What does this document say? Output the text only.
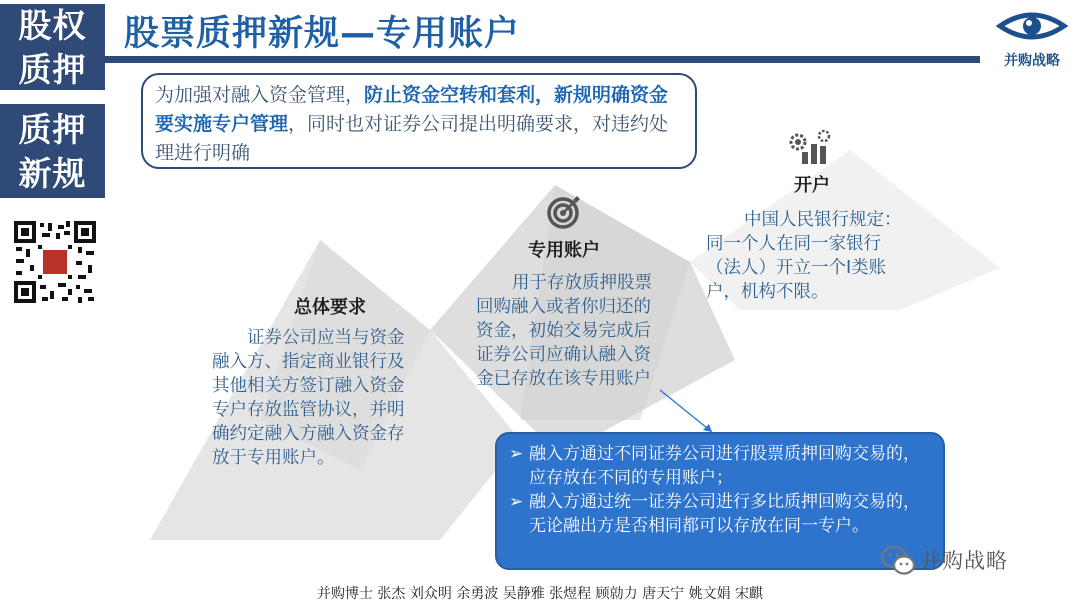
股权
质押
质押
新规
股票质押新规—专用账户
并购战略
为加强对融入资金管理，防止资金空转和套利，新规明确资金要实施专户管理，同时也对证券公司提出明确要求，对违约处理进行明确
总体要求
证券公司应当与资金融入方、指定商业银行及其他相关方签订融入资金专户存放监管协议，并明确约定融入方融入资金存放于专用账户。
专用账户
用于存放质押股票回购融入或者你归还的资金，初始交易完成后证券公司应确认融入资金已存放在该专用账户
开户
中国人民银行规定：同一个人在同一家银行（法人）开立一个I类账户，机构不限。
➢ 融入方通过不同证券公司进行股票质押回购交易的，应存放在不同的专用账户；
➢ 融入方通过统一证券公司进行多比质押回购交易的，无论融出方是否相同都可以存放在同一专户。
并购战略
并购博士 张杰 刘众明 余勇波 吴静雅 张煜程 顾勍力 唐天宁 姚文娟 宋麒
